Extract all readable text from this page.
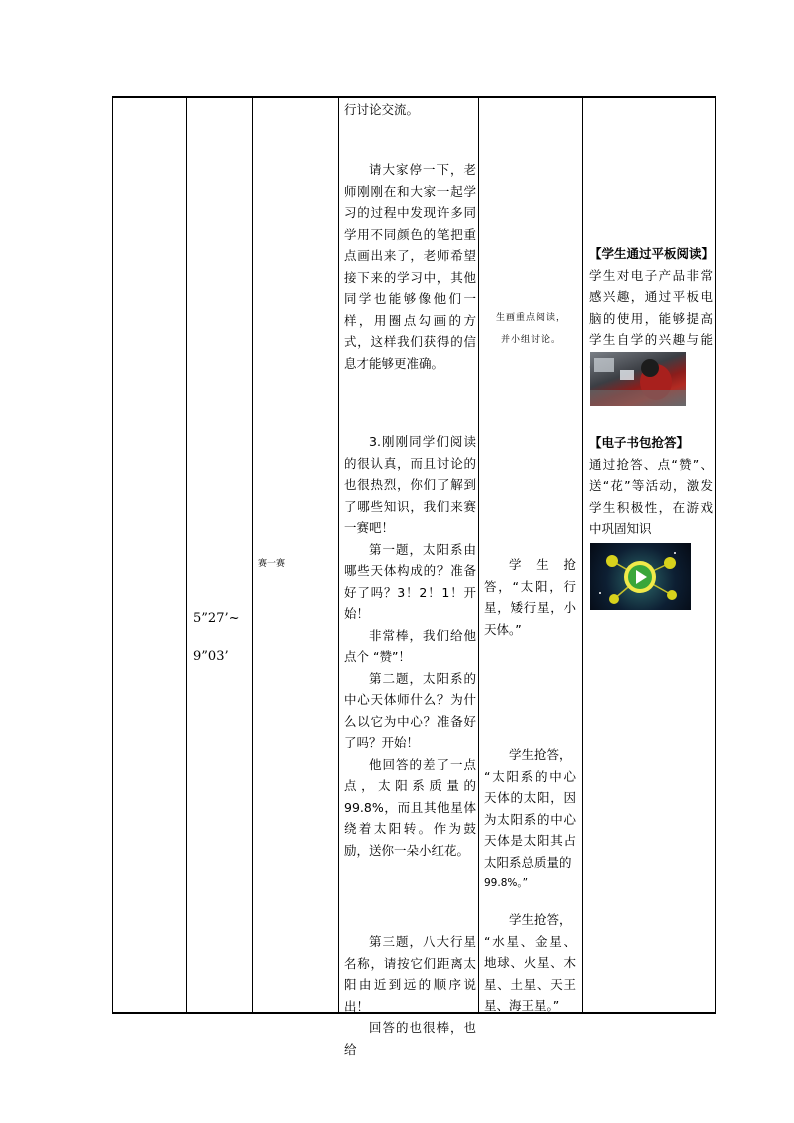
5”27’~
9”03’
赛一赛

行讨论交流。

请大家停一下，老师刚刚在和大家一起学习的过程中发现许多同学用不同颜色的笔把重点画出来了，老师希望接下来的学习中，其他同学也能够像他们一样，用圈点勾画的方式，这样我们获得的信息才能够更准确。

3.刚刚同学们阅读的很认真，而且讨论的也很热烈，你们了解到了哪些知识，我们来赛一赛吧！

第一题，太阳系由哪些天体构成的？准备好了吗？3！2！1！开始！

非常棒，我们给他点个 “赞”！

第二题，太阳系的中心天体师什么？为什么以它为中心？准备好了吗？开始！

他回答的差了一点点，太阳系质量的 99.8%，而且其他星体绕着太阳转。作为鼓励，送你一朵小红花。

第三题，八大行星名称，请按它们距离太阳由近到远的顺序说出！

回答的也很棒，也给

生画重点阅读，
并小组讨论。

学生抢答，“太阳，行星，矮行星，小天体。”

学生抢答，

“太阳系的中心天体的太阳，因为太阳系的中心天体是太阳其占太阳系总质量的

99.8%。”

学生抢答，

“水星、金星、地球、火星、木星、土星、天王星、海王星。”

【学生通过平板阅读】

学生对电子产品非常感兴趣，通过平板电脑的使用，能够提高学生自学的兴趣与能

【电子书包抢答】

通过抢答、点“赞”、送“花”等活动，激发学生积极性，在游戏中巩固知识
